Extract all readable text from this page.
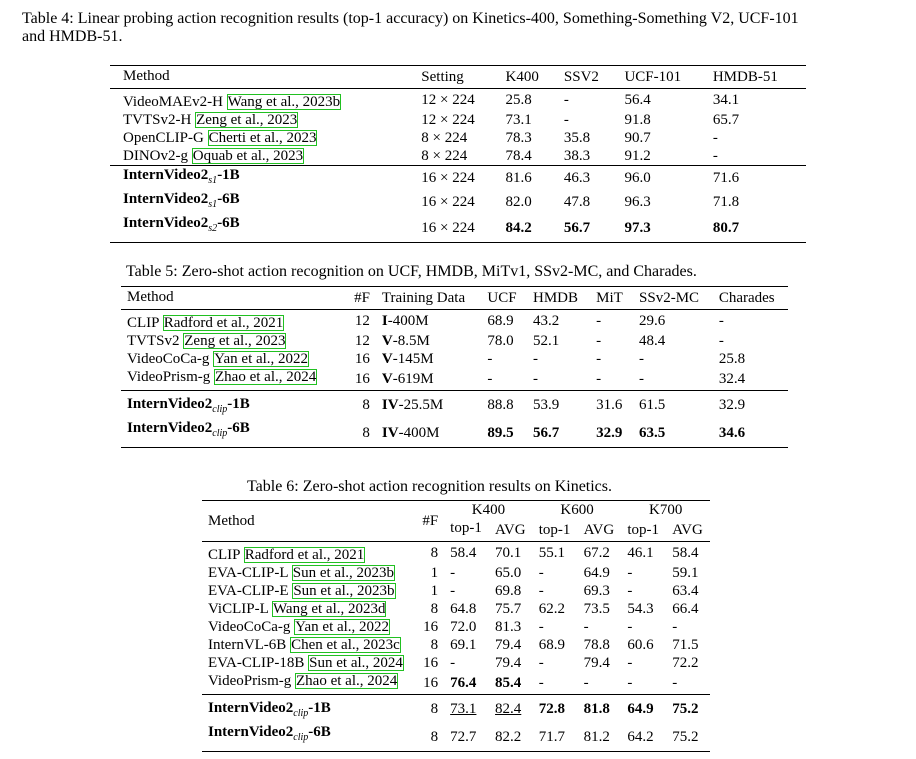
Table 4: Linear probing action recognition results (top-1 accuracy) on Kinetics-400, Something-Something V2, UCF-101
and HMDB-51.
Method	Setting	K400	SSV2	UCF-101	HMDB-51
VideoMAEv2-H Wang et al., 2023b	12 × 224	25.8	-	56.4	34.1
TVTSv2-H Zeng et al., 2023	12 × 224	73.1	-	91.8	65.7
OpenCLIP-G Cherti et al., 2023	8 × 224	78.3	35.8	90.7	-
DINOv2-g Oquab et al., 2023	8 × 224	78.4	38.3	91.2	-
$InternVideo2_{s1}-1B$	16 × 224	81.6	46.3	96.0	71.6
$InternVideo2_{s1}-6B$	16 × 224	82.0	47.8	96.3	71.8
$InternVideo2_{s2}-6B$	16 × 224	84.2	56.7	97.3	80.7
Table 5: Zero-shot action recognition on UCF, HMDB, MiTv1, SSv2-MC, and Charades.
Method	#F	Training Data	UCF	HMDB	MiT	SSv2-MC	Charades
CLIP Radford et al., 2021	12	I-400M	68.9	43.2	-	29.6	-
TVTSv2 Zeng et al., 2023	12	V-8.5M	78.0	52.1	-	48.4	-
VideoCoCa-g Yan et al., 2022	16	V-145M	-	-	-	-	25.8
VideoPrism-g Zhao et al., 2024	16	V-619M	-	-	-	-	32.4
$InternVideo2_{clip}-1B$	8	IV-25.5M	88.8	53.9	31.6	61.5	32.9
$InternVideo2_{clip}-6B$	8	IV-400M	89.5	56.7	32.9	63.5	34.6
Table 6: Zero-shot action recognition results on Kinetics.
Method	#F	K400		K600		K700	
		top-1	AVG	top-1	AVG	top-1	AVG
CLIP Radford et al., 2021	8	58.4	70.1	55.1	67.2	46.1	58.4
EVA-CLIP-L Sun et al., 2023b	1	-	65.0	-	64.9	-	59.1
EVA-CLIP-E Sun et al., 2023b	1	-	69.8	-	69.3	-	63.4
ViCLIP-L Wang et al., 2023d	8	64.8	75.7	62.2	73.5	54.3	66.4
VideoCoCa-g Yan et al., 2022	16	72.0	81.3	-	-	-	-
InternVL-6B Chen et al., 2023c	8	69.1	79.4	68.9	78.8	60.6	71.5
EVA-CLIP-18B Sun et al., 2024	16	-	79.4	-	79.4	-	72.2
VideoPrism-g Zhao et al., 2024	16	76.4	85.4	-	-	-	-
$InternVideo2_{clip}-1B$	8	73.1	82.4	72.8	81.8	64.9	75.2
$InternVideo2_{clip}-6B$	8	72.7	82.2	71.7	81.2	64.2	75.2
